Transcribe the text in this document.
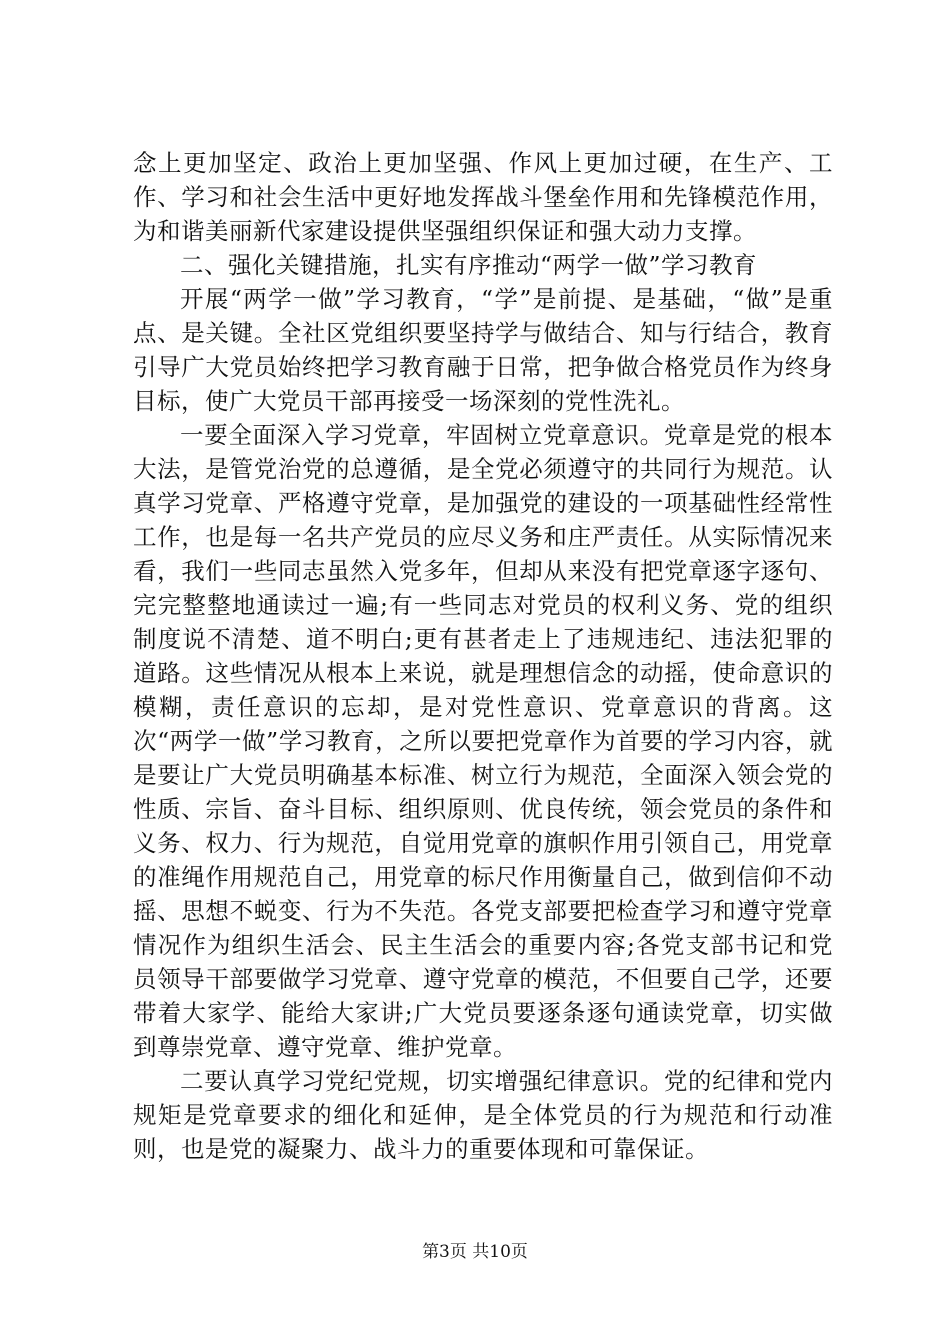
念上更加坚定、政治上更加坚强、作风上更加过硬，在生产、工作、学习和社会生活中更好地发挥战斗堡垒作用和先锋模范作用，为和谐美丽新代家建设提供坚强组织保证和强大动力支撑。

二、强化关键措施，扎实有序推动“两学一做”学习教育

开展“两学一做”学习教育，“学”是前提、是基础，“做”是重点、是关键。全社区党组织要坚持学与做结合、知与行结合，教育引导广大党员始终把学习教育融于日常，把争做合格党员作为终身目标，使广大党员干部再接受一场深刻的党性洗礼。

一要全面深入学习党章，牢固树立党章意识。党章是党的根本大法，是管党治党的总遵循，是全党必须遵守的共同行为规范。认真学习党章、严格遵守党章，是加强党的建设的一项基础性经常性工作，也是每一名共产党员的应尽义务和庄严责任。从实际情况来看，我们一些同志虽然入党多年，但却从来没有把党章逐字逐句、完完整整地通读过一遍;有一些同志对党员的权利义务、党的组织制度说不清楚、道不明白;更有甚者走上了违规违纪、违法犯罪的道路。这些情况从根本上来说，就是理想信念的动摇，使命意识的模糊，责任意识的忘却，是对党性意识、党章意识的背离。这次“两学一做”学习教育，之所以要把党章作为首要的学习内容，就是要让广大党员明确基本标准、树立行为规范，全面深入领会党的性质、宗旨、奋斗目标、组织原则、优良传统，领会党员的条件和义务、权力、行为规范，自觉用党章的旗帜作用引领自己，用党章的准绳作用规范自己，用党章的标尺作用衡量自己，做到信仰不动摇、思想不蜕变、行为不失范。各党支部要把检查学习和遵守党章情况作为组织生活会、民主生活会的重要内容;各党支部书记和党员领导干部要做学习党章、遵守党章的模范，不但要自己学，还要带着大家学、能给大家讲;广大党员要逐条逐句通读党章，切实做到尊崇党章、遵守党章、维护党章。

二要认真学习党纪党规，切实增强纪律意识。党的纪律和党内规矩是党章要求的细化和延伸，是全体党员的行为规范和行动准则，也是党的凝聚力、战斗力的重要体现和可靠保证。

第3页 共10页
